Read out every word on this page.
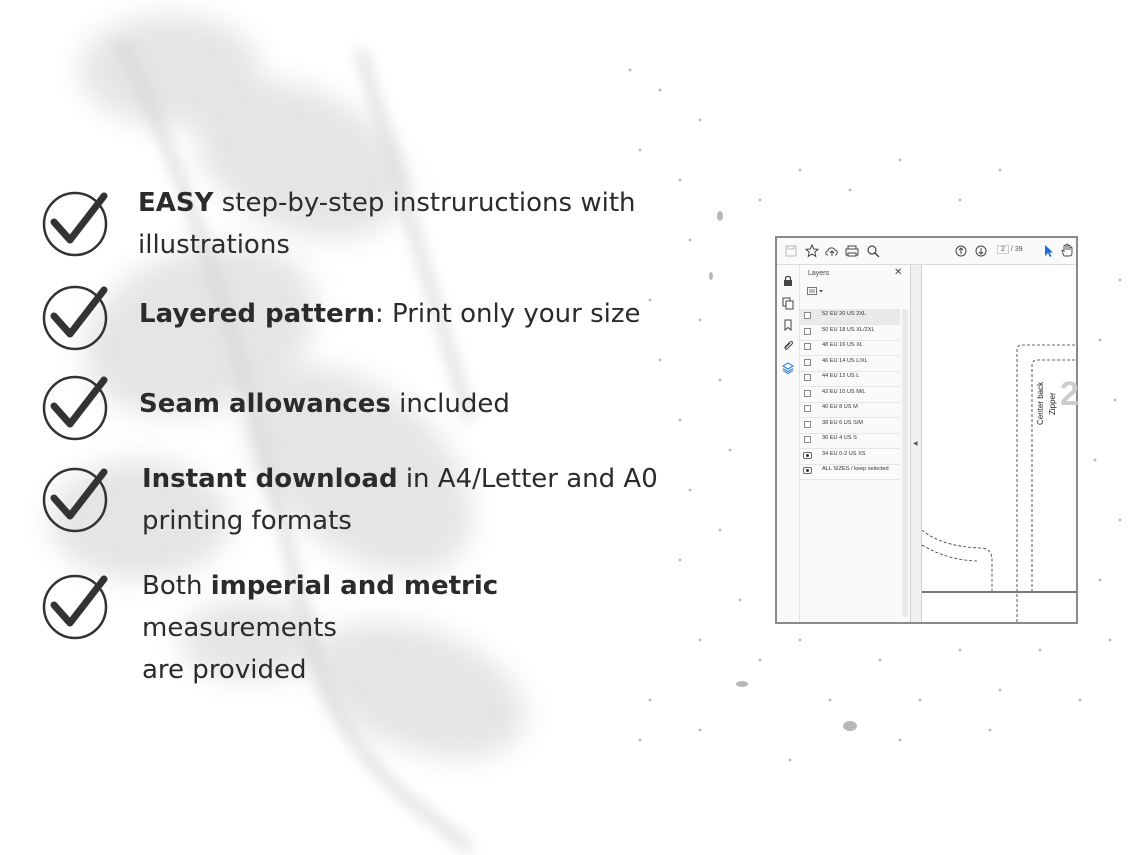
EASY step-by-step instruructions with
illustrations
Layered pattern: Print only your size
Seam allowances included
Instant download in A4/Letter and A0
printing formats
Both imperial and metric measurements
are provided
2 / 39
Layers	✕
52 EU 20 US 2XL
50 EU 18 US XL/2XL
48 EU 16 US XL
46 EU 14 US L/XL
44 EU 12 US L
42 EU 10 US M/L
40 EU 8 US M
38 EU 6 US S/M
36 EU 4 US S
34 EU 0-2 US XS
ALL SIZES / keep selected
◀
Center back Zipper 2
